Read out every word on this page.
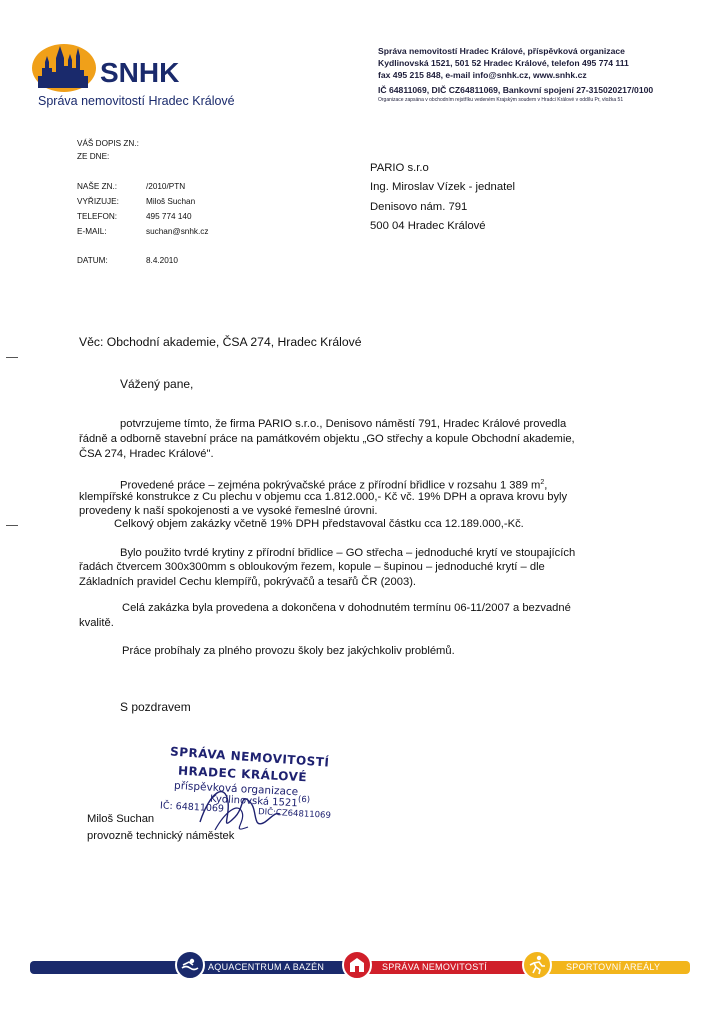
SNHK
Správa nemovitostí Hradec Králové
Správa nemovitostí Hradec Králové, příspěvková organizace
Kydlinovská 1521, 501 52 Hradec Králové, telefon 495 774 111
fax 495 215 848, e-mail info@snhk.cz, www.snhk.cz
IČ 64811069, DIČ CZ64811069, Bankovní spojení 27-315020217/0100
Organizace zapsána v obchodním rejstříku vedeném Krajským soudem v Hradci Králové v oddílu Pr, vložka 51
VÁŠ DOPIS ZN.:
ZE DNE:
NAŠE ZN.:	/2010/PTN
VYŘIZUJE:	Miloš Suchan
TELEFON:	495 774 140
E-MAIL:	suchan@snhk.cz
DATUM:	8.4.2010
PARIO s.r.o
Ing. Miroslav Vízek - jednatel
Denisovo nám. 791
500 04 Hradec Králové
Věc: Obchodní akademie, ČSA 274, Hradec Králové
Vážený pane,
potvrzujeme tímto, že firma PARIO s.r.o., Denisovo náměstí 791, Hradec Králové provedla
řádně a odborně stavební práce na památkovém objektu „GO střechy a kopule Obchodní akademie,
ČSA 274, Hradec Králové".
Provedené práce – zejména pokrývačské práce z přírodní břidlice v rozsahu 1 389 $m^2$,
klempířské konstrukce z Cu plechu v objemu cca 1.812.000,- Kč vč. 19% DPH a oprava krovu byly
provedeny k naší spokojenosti a ve vysoké řemeslné úrovni.
Celkový objem zakázky včetně 19% DPH představoval částku cca 12.189.000,-Kč.
Bylo použito tvrdé krytiny z přírodní břidlice – GO střecha – jednoduché krytí ve stoupajících
řadách čtvercem 300x300mm s obloukovým řezem, kopule – šupinou – jednoduché krytí – dle
Základních pravidel Cechu klempířů, pokrývačů a tesařů ČR (2003).
Celá zakázka byla provedena a dokončena v dohodnutém termínu 06-11/2007 a bezvadné
kvalitě.
Práce probíhaly za plného provozu školy bez jakýchkoliv problémů.
S pozdravem
SPRÁVA NEMOVITOSTÍ
HRADEC KRÁLOVÉ
příspěvková organizace
Kydlinovská 1521
IČ: 64811069	DIČ:CZ64811069
(6)
Miloš Suchan
provozně technický náměstek
AQUACENTRUM A BAZÉN	SPRÁVA NEMOVITOSTÍ	SPORTOVNÍ AREÁLY
